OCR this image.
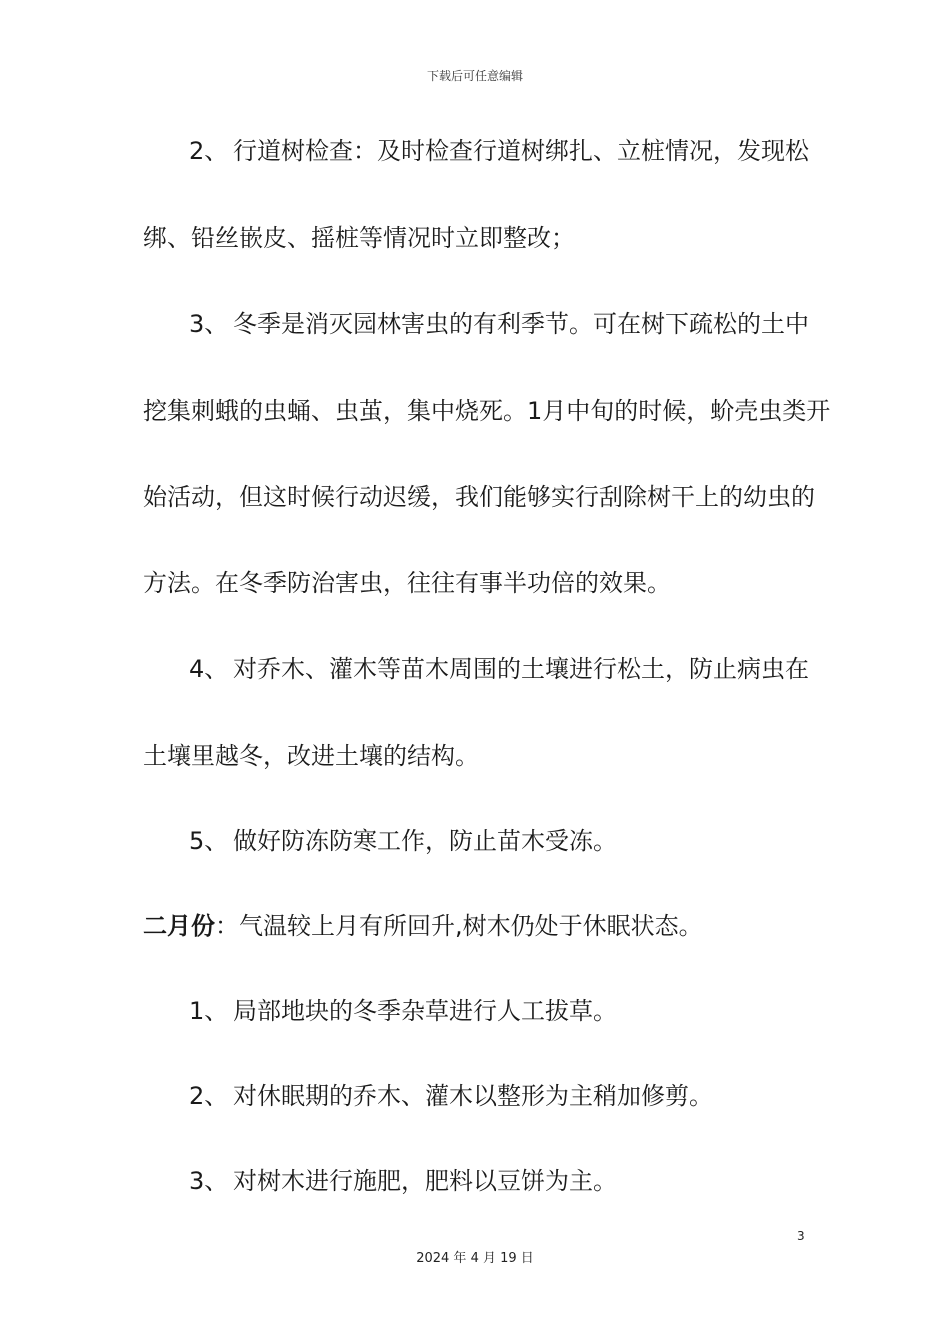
下载后可任意编辑
2、 行道树检查：及时检查行道树绑扎、立桩情况，发现松
绑、铅丝嵌皮、摇桩等情况时立即整改；
3、 冬季是消灭园林害虫的有利季节。可在树下疏松的土中
挖集刺蛾的虫蛹、虫茧，集中烧死。1月中旬的时候，蚧壳虫类开
始活动，但这时候行动迟缓，我们能够实行刮除树干上的幼虫的
方法。在冬季防治害虫，往往有事半功倍的效果。
4、 对乔木、灌木等苗木周围的土壤进行松土，防止病虫在
土壤里越冬，改进土壤的结构。
5、 做好防冻防寒工作，防止苗木受冻。
二月份：气温较上月有所回升,树木仍处于休眠状态。
1、 局部地块的冬季杂草进行人工拔草。
2、 对休眠期的乔木、灌木以整形为主稍加修剪。
3、 对树木进行施肥，肥料以豆饼为主。
3
2024 年 4 月 19 日
